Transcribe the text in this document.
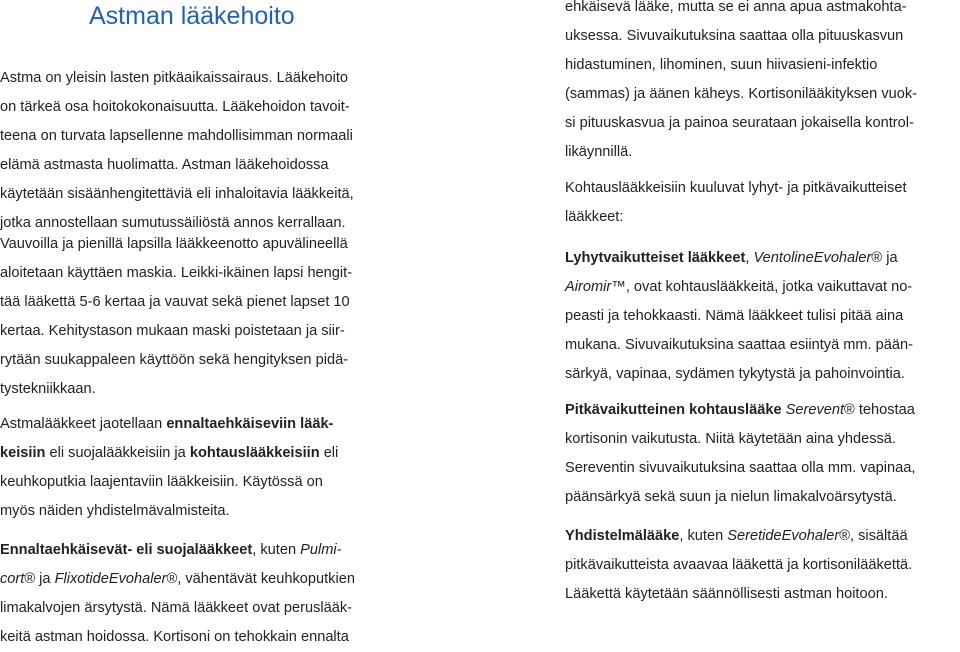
Astman lääkehoito

Astma on yleisin lasten pitkäaikaissairaus. Lääkehoito
on tärkeä osa hoitokokonaisuutta. Lääkehoidon tavoit-
teena on turvata lapsellenne mahdollisimman normaali
elämä astmasta huolimatta. Astman lääkehoidossa
käytetään sisäänhengitettäviä eli inhaloitavia lääkkeitä,
jotka annostellaan sumutussäiliöstä annos kerrallaan.

Vauvoilla ja pienillä lapsilla lääkkeenotto apuvälineellä
aloitetaan käyttäen maskia. Leikki-ikäinen lapsi hengit-
tää lääkettä 5-6 kertaa ja vauvat sekä pienet lapset 10
kertaa. Kehitystason mukaan maski poistetaan ja siir-
rytään suukappaleen käyttöön sekä hengityksen pidä-
tystekniikkaan.

Astmalääkkeet jaotellaan ennaltaehkäiseviin lääk-
keisiin eli suojalääkkeisiin ja kohtauslääkkeisiin eli
keuhkoputkia laajentaviin lääkkeisiin. Käytössä on
myös näiden yhdistelmävalmisteita.

Ennaltaehkäisevät- eli suojalääkkeet, kuten Pulmi-
cort® ja FlixotideEvohaler®, vähentävät keuhkoputkien
limakalvojen ärsytystä. Nämä lääkkeet ovat peruslääk-
keitä astman hoidossa. Kortisoni on tehokkain ennalta

ehkäisevä lääke, mutta se ei anna apua astmakohta-
uksessa. Sivuvaikutuksina saattaa olla pituuskasvun
hidastuminen, lihominen, suun hiivasieni-infektio
(sammas) ja äänen käheys. Kortisonilääkityksen vuok-
si pituuskasvua ja painoa seurataan jokaisella kontrol-
likäynnillä.

Kohtauslääkkeisiin kuuluvat lyhyt- ja pitkävaikutteiset
lääkkeet:

Lyhytvaikutteiset lääkkeet, VentolineEvohaler® ja
Airomir™, ovat kohtauslääkkeitä, jotka vaikuttavat no-
peasti ja tehokkaasti. Nämä lääkkeet tulisi pitää aina
mukana. Sivuvaikutuksina saattaa esiintyä mm. pään-
särkyä, vapinaa, sydämen tykytystä ja pahoinvointia.

Pitkävaikutteinen kohtauslääke Serevent® tehostaa
kortisonin vaikutusta. Niitä käytetään aina yhdessä.
Sereventin sivuvaikutuksina saattaa olla mm. vapinaa,
päänsärkyä sekä suun ja nielun limakalvoärsytystä.

Yhdistelmälääke, kuten SeretideEvohaler®, sisältää
pitkävaikutteista avaavaa lääkettä ja kortisonilääkettä.
Lääkettä käytetään säännöllisesti astman hoitoon.
